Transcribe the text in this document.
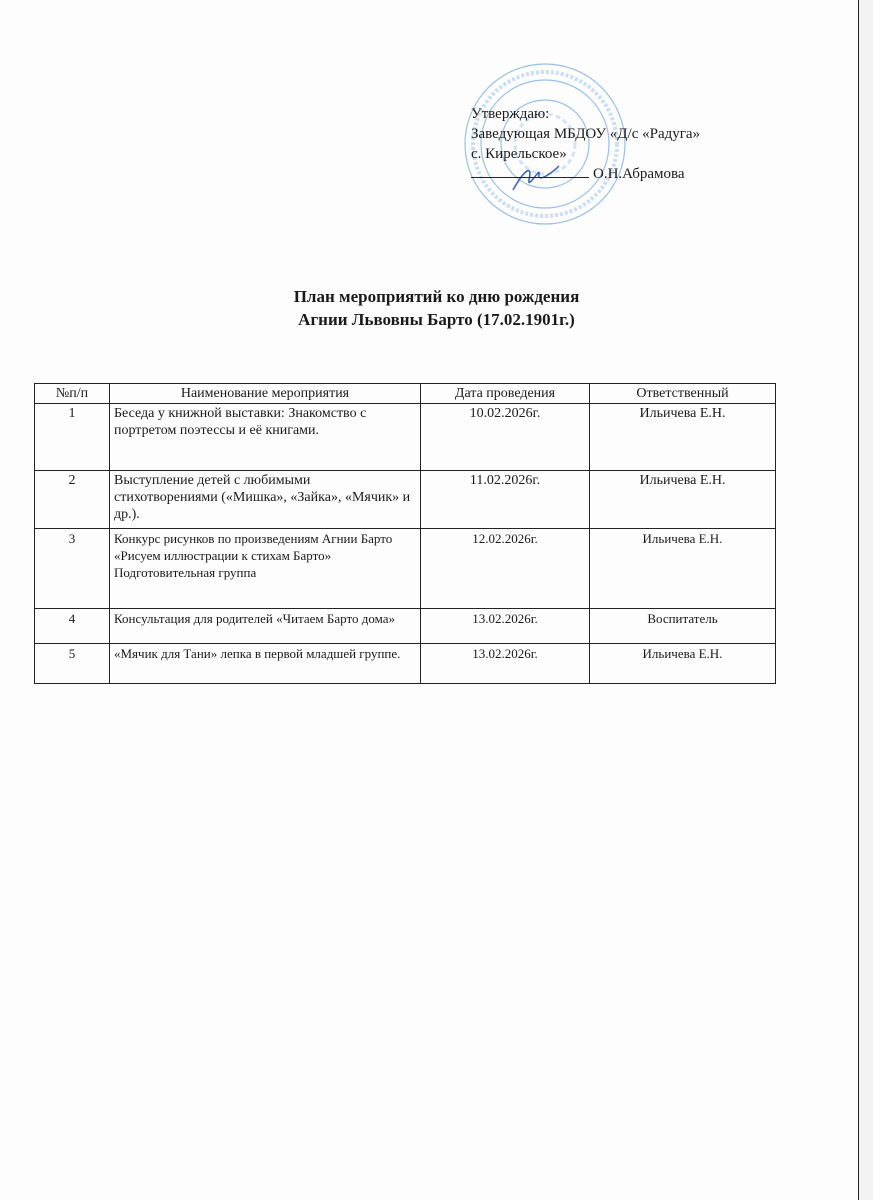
Утверждаю:
Заведующая МБДОУ «Д/с «Радуга»
с. Кирельское»
О.Н.Абрамова
План мероприятий ко дню рождения
Агнии Львовны Барто (17.02.1901г.)
№п/п	Наименование мероприятия	Дата проведения	Ответственный
1	Беседа у книжной выставки: Знакомство с портретом поэтессы и её книгами.	10.02.2026г.	Ильичева Е.Н.
2	Выступление детей с любимыми стихотворениями («Мишка», «Зайка», «Мячик» и др.).	11.02.2026г.	Ильичева Е.Н.
3	Конкурс рисунков по произведениям Агнии Барто «Рисуем иллюстрации к стихам Барто» Подготовительная группа	12.02.2026г.	Ильичева Е.Н.
4	Консультация для родителей «Читаем Барто дома»	13.02.2026г.	Воспитатель
5	«Мячик для Тани» лепка в первой младшей группе.	13.02.2026г.	Ильичева Е.Н.
